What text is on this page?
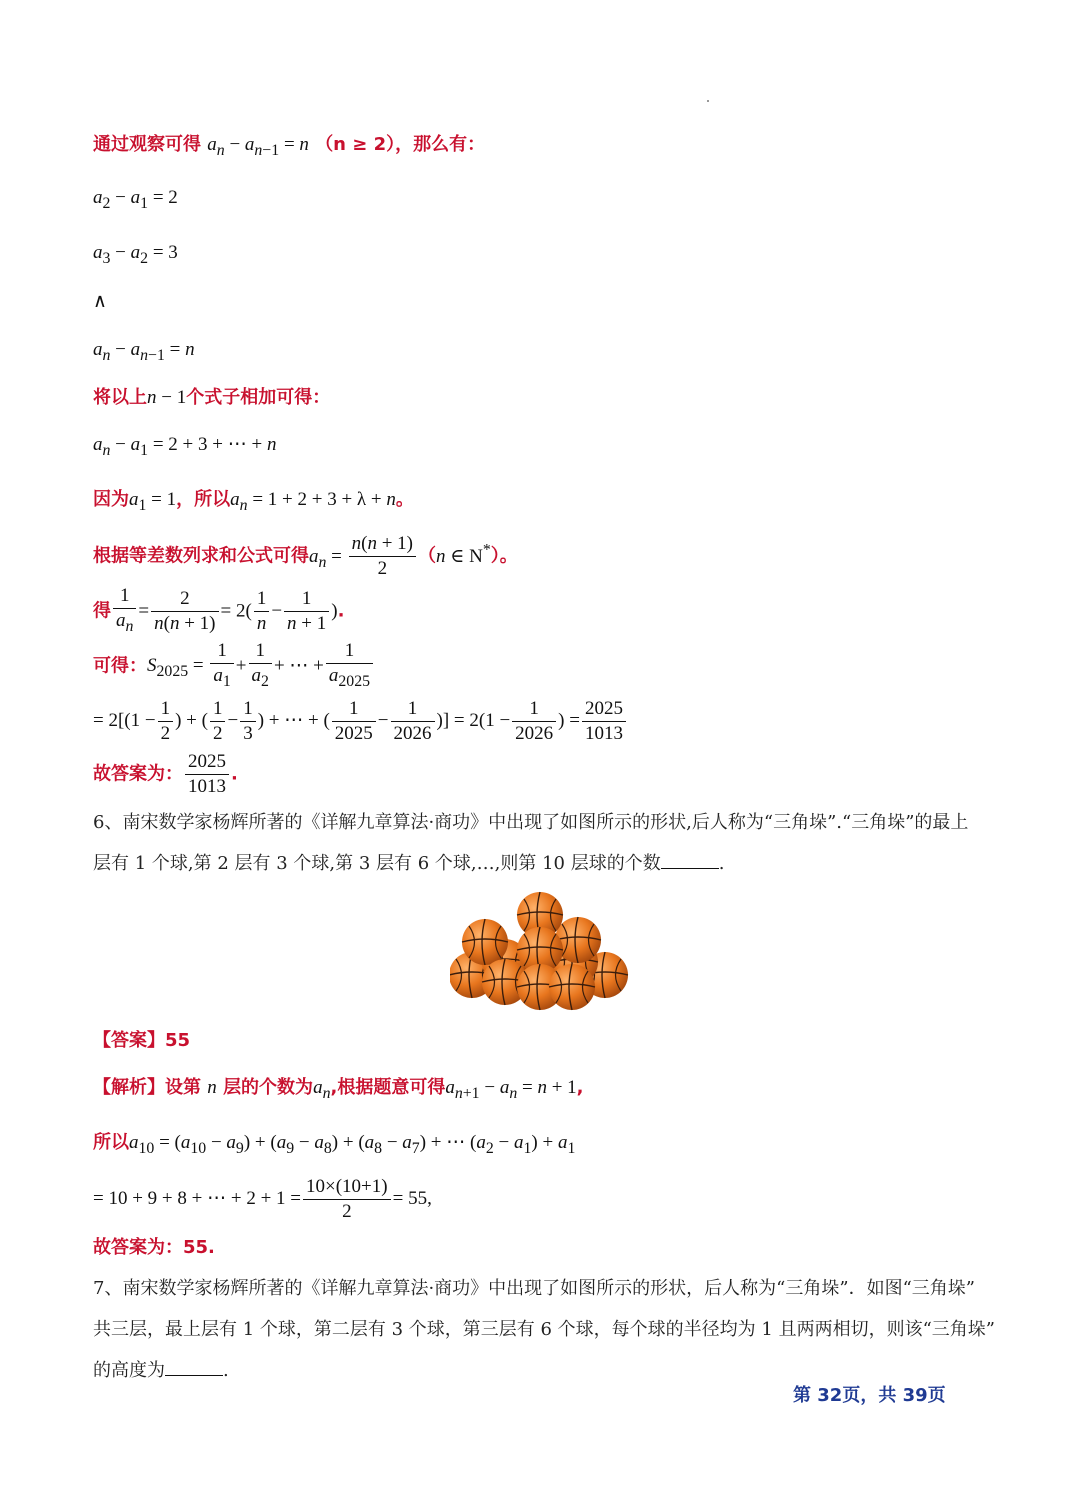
通过观察可得 $a_n - a_{n-1} = n$ （n ≥ 2），那么有：
$a_2 - a_1 = 2$
$a_3 - a_2 = 3$
∧
$a_n - a_{n-1} = n$
将以上n − 1个式子相加可得：
$a_n - a_1 = 2 + 3$ + ⋯ + n
因为$a_1 = 1$，所以$a_n = 1 + 2 + 3 + \lambda + n$。
根据等差数列求和公式可得$a_n = \frac{n(n + 1)}{2} (n$ ∈ N*）。
得 $\frac{1}{a_n} = \frac{2}{n(n + 1)} = 2( \frac{1}{n} - \frac{1}{n + 1}$ ).
可得：$S_{2025} = \frac{1}{a_1} + \frac{1}{a_2}$ + ⋯ + $\frac{1}{a_{2025}}$
= $2[(1 - \frac{1}{2}$ ) + ( $\frac{1}{2} - \frac{1}{3}$ ) + ⋯ + ( $\frac{1}{2025} - \frac{1}{2026}$ )] = $2(1 - \frac{1}{2026}$ ) = $\frac{2025}{1013}$
故答案为： $\frac{2025}{1013}$ .
6、南宋数学家杨辉所著的《详解九章算法·商功》中出现了如图所示的形状,后人称为“三角垛”.“三角垛”的最上
层有 1 个球,第 2 层有 3 个球,第 3 层有 6 个球,…,则第 10 层球的个数	.
【答案】55
【解析】设第 n 层的个数为$a_n$,根据题意可得$a_{n+1} - a_n = n + 1$,
所以$a_{10} = (a_{10} - a_9) + (a_9 - a_8) + (a_8 - a_7)$ + ⋯ $(a_2 - a_1) + a_1$
= 10 + 9 + 8 + ⋯ + $2 + 1 = \frac{10\times(10+1)}{2} = 55$,
故答案为：55.
7、南宋数学家杨辉所著的《详解九章算法·商功》中出现了如图所示的形状，后人称为“三角垛”．如图“三角垛”
共三层，最上层有 1 个球，第二层有 3 个球，第三层有 6 个球，每个球的半径均为 1 且两两相切，则该“三角垛”
的高度为	.
第 32页，共 39页
